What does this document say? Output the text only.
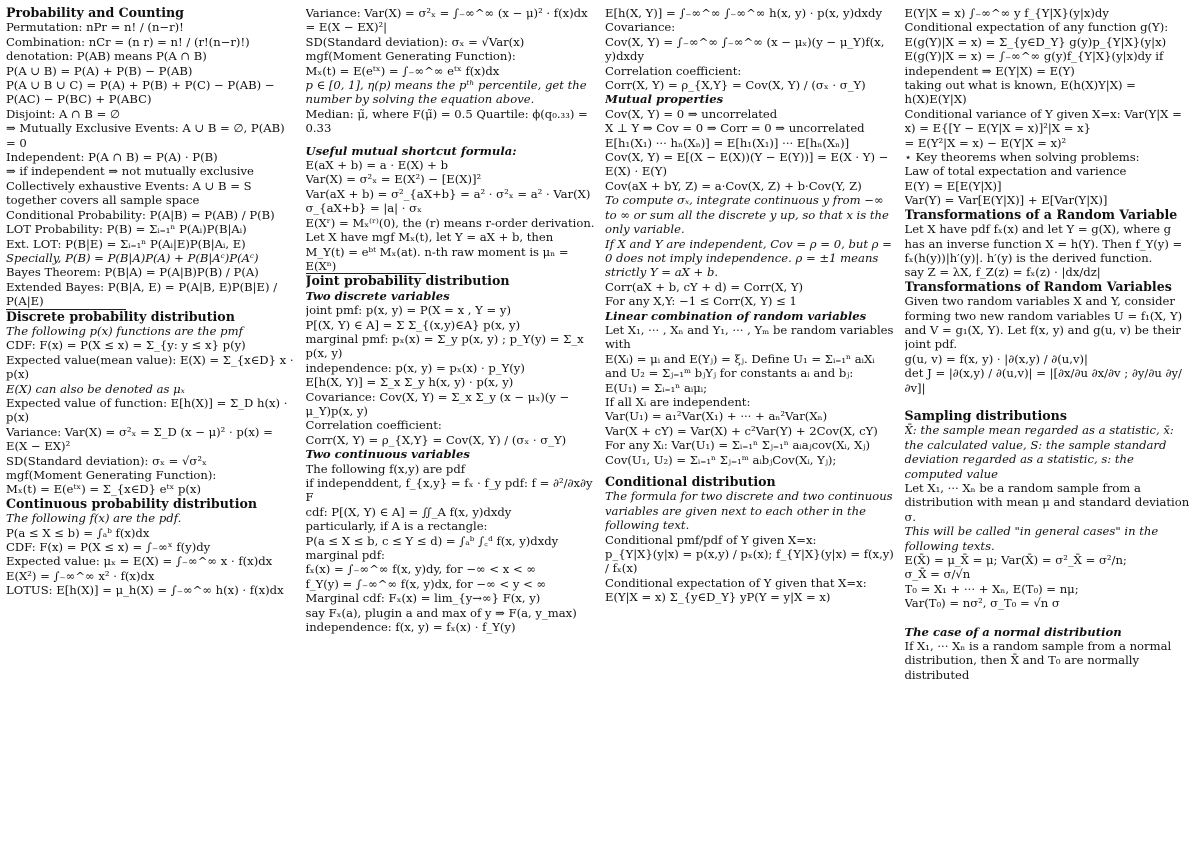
Probability and Counting
Permutation: nPr = n! / (n−r)!
Combination: nCr = (n r) = n! / (r!(n−r)!)
denotation: P(AB) means P(A ∩ B)
P(A ∪ B) = P(A) + P(B) − P(AB)
P(A ∪ B ∪ C) = P(A) + P(B) + P(C) − P(AB) − P(AC) − P(BC) + P(ABC)
Disjoint: A ∩ B = ∅
⇒ Mutually Exclusive Events: A ∪ B = ∅, P(AB) = 0
Independent: P(A ∩ B) = P(A) · P(B)
⇒ if independent ⇒ not mutually exclusive
Collectively exhaustive Events: A ∪ B = S together covers all sample space
Conditional Probability: P(A|B) = P(AB) / P(B)
LOT Probability: P(B) = Σᵢ₌₁ⁿ P(Aᵢ)P(B|Aᵢ)
Ext. LOT: P(B|E) = Σᵢ₌₁ⁿ P(Aᵢ|E)P(B|Aᵢ, E)
Specially, P(B) = P(B|A)P(A) + P(B|Aᶜ)P(Aᶜ)
Bayes Theorem: P(B|A) = P(A|B)P(B) / P(A)
Extended Bayes: P(B|A, E) = P(A|B, E)P(B|E) / P(A|E)
Discrete probability distribution
The following p(x) functions are the pmf
CDF: F(x) = P(X ≤ x) = Σ_{y: y ≤ x} p(y)
Expected value(mean value): E(X) = Σ_{x∈D} x · p(x)
E(X) can also be denoted as μₓ
Expected value of function: E[h(X)] = Σ_D h(x) · p(x)
Variance: Var(X) = σ²ₓ = Σ_D (x − μ)² · p(x) = E(X − EX)²
SD(Standard deviation): σₓ = √σ²ₓ
mgf(Moment Generating Function):
Mₓ(t) = E(eᵗˣ) = Σ_{x∈D} eᵗˣ p(x)
Continuous probability distribution
The following f(x) are the pdf.
P(a ≤ X ≤ b) = ∫ₐᵇ f(x)dx
CDF: F(x) = P(X ≤ x) = ∫₋∞ˣ f(y)dy
Expected value: μₓ = E(X) = ∫₋∞^∞ x · f(x)dx
E(X²) = ∫₋∞^∞ x² · f(x)dx
LOTUS: E[h(X)] = μ_h(X) = ∫₋∞^∞ h(x) · f(x)dx
Variance: Var(X) = σ²ₓ = ∫₋∞^∞ (x − μ)² · f(x)dx = E(X − EX)²|
SD(Standard deviation): σₓ = √Var(x)
mgf(Moment Generating Function):
Mₓ(t) = E(eᵗˣ) = ∫₋∞^∞ eᵗˣ f(x)dx
p ∈ [0, 1], η(p) means the pᵗʰ percentile, get the number by solving the equation above.
Median: μ̃, where F(μ̃) = 0.5 Quartile: ϕ(q₀.₃₃) = 0.33
Useful mutual shortcut formula:
E(aX + b) = a · E(X) + b
Var(X) = σ²ₓ = E(X²) − [E(X)]²
Var(aX + b) = σ²_{aX+b} = a² · σ²ₓ = a² · Var(X)
σ_{aX+b} = |a| · σₓ
E(Xʳ) = Mₓ⁽ʳ⁾(0), the (r) means r-order derivation.
Let X have mgf Mₓ(t), let Y = aX + b, then M_Y(t) = eᵇᵗ Mₓ(at). n-th raw moment is μₙ = E(Xⁿ)
Joint probability distribution
Two discrete variables
joint pmf: p(x, y) = P(X = x , Y = y)
P[(X, Y) ∈ A] = Σ Σ_{(x,y)∈A} p(x, y)
marginal pmf: pₓ(x) = Σ_y p(x, y) ; p_Y(y) = Σ_x p(x, y)
independence: p(x, y) = pₓ(x) · p_Y(y)
E[h(X, Y)] = Σ_x Σ_y h(x, y) · p(x, y)
Covariance: Cov(X, Y) = Σ_x Σ_y (x − μₓ)(y − μ_Y)p(x, y)
Correlation coefficient:
Corr(X, Y) = ρ_{X,Y} = Cov(X, Y) / (σₓ · σ_Y)
Two continuous variables
The following f(x,y) are pdf
if independdent, f_{x,y} = fₓ · f_y pdf: f = ∂²/∂x∂y F
cdf: P[(X, Y) ∈ A] = ∬_A f(x, y)dxdy
particularly, if A is a rectangle:
P(a ≤ X ≤ b, c ≤ Y ≤ d) = ∫ₐᵇ ∫꜀ᵈ f(x, y)dxdy
marginal pdf:
fₓ(x) = ∫₋∞^∞ f(x, y)dy, for −∞ < x < ∞
f_Y(y) = ∫₋∞^∞ f(x, y)dx, for −∞ < y < ∞
Marginal cdf: Fₓ(x) = lim_{y→∞} F(x, y)
say Fₓ(a), plugin a and max of y ⇒ F(a, y_max)
independence: f(x, y) = fₓ(x) · f_Y(y)
E[h(X, Y)] = ∫₋∞^∞ ∫₋∞^∞ h(x, y) · p(x, y)dxdy
Covariance:
Cov(X, Y) = ∫₋∞^∞ ∫₋∞^∞ (x − μₓ)(y − μ_Y)f(x, y)dxdy
Correlation coefficient:
Corr(X, Y) = ρ_{X,Y} = Cov(X, Y) / (σₓ · σ_Y)
Mutual properties
Cov(X, Y) = 0 ⇒ uncorrelated
X ⊥ Y ⇒ Cov = 0 ⇒ Corr = 0 ⇒ uncorrelated
E[h₁(X₁) ··· hₙ(Xₙ)] = E[h₁(X₁)] ··· E[hₙ(Xₙ)]
Cov(X, Y) = E[(X − E(X))(Y − E(Y))] = E(X · Y) − E(X) · E(Y)
Cov(aX + bY, Z) = a·Cov(X, Z) + b·Cov(Y, Z)
To compute σₓ, integrate continuous y from −∞ to ∞ or sum all the discrete y up, so that x is the only variable.
If X and Y are independent, Cov = ρ = 0, but ρ = 0 does not imply independence. ρ = ±1 means strictly Y = aX + b.
Corr(aX + b, cY + d) = Corr(X, Y)
For any X,Y: −1 ≤ Corr(X, Y) ≤ 1
Linear combination of random variables
Let X₁, ··· , Xₙ and Y₁, ··· , Yₘ be random variables with
E(Xᵢ) = μᵢ and E(Yⱼ) = ξⱼ. Define U₁ = Σᵢ₌₁ⁿ aᵢXᵢ and U₂ = Σⱼ₌₁ᵐ bⱼYⱼ for constants aᵢ and bⱼ:
E(U₁) = Σᵢ₌₁ⁿ aᵢμᵢ;
If all Xᵢ are independent:
Var(U₁) = a₁²Var(X₁) + ··· + aₙ²Var(Xₙ)
Var(X + cY) = Var(X) + c²Var(Y) + 2Cov(X, cY)
For any Xᵢ: Var(U₁) = Σᵢ₌₁ⁿ Σⱼ₌₁ⁿ aᵢaⱼcov(Xᵢ, Xⱼ)
Cov(U₁, U₂) = Σᵢ₌₁ⁿ Σⱼ₌₁ᵐ aᵢbⱼCov(Xᵢ, Yⱼ);
Conditional distribution
The formula for two discrete and two continuous variables are given next to each other in the following text.
Conditional pmf/pdf of Y given X=x:
p_{Y|X}(y|x) = p(x,y) / pₓ(x); f_{Y|X}(y|x) = f(x,y) / fₓ(x)
Conditional expectation of Y given that X=x:
E(Y|X = x) Σ_{y∈D_Y} yP(Y = y|X = x)
E(Y|X = x) ∫₋∞^∞ y f_{Y|X}(y|x)dy
Conditional expectation of any function g(Y):
E(g(Y)|X = x) = Σ_{y∈D_Y} g(y)p_{Y|X}(y|x)
E(g(Y)|X = x) = ∫₋∞^∞ g(y)f_{Y|X}(y|x)dy if independent ⇒ E(Y|X) = E(Y)
taking out what is known, E(h(X)Y|X) = h(X)E(Y|X)
Conditional variance of Y given X=x: Var(Y|X = x) = E{[Y − E(Y|X = x)]²|X = x}
= E(Y²|X = x) − E(Y|X = x)²
⋆ Key theorems when solving problems:
Law of total expectation and varience
E(Y) = E[E(Y|X)]
Var(Y) = Var[E(Y|X)] + E[Var(Y|X)]
Transformations of a Random Variable
Let X have pdf fₓ(x) and let Y = g(X), where g has an inverse function X = h(Y). Then f_Y(y) = fₓ(h(y))|h′(y)|. h′(y) is the derived function.
say Z = λX, f_Z(z) = fₓ(z) · |dx/dz|
Transformations of Random Variables
Given two random variables X and Y, consider forming two new random variables U = f₁(X, Y) and V = g₁(X, Y). Let f(x, y) and g(u, v) be their joint pdf.
g(u, v) = f(x, y) · |∂(x,y) / ∂(u,v)|
det J = |∂(x,y) / ∂(u,v)| = |[∂x/∂u ∂x/∂v ; ∂y/∂u ∂y/∂v]|
Sampling distributions
X̄: the sample mean regarded as a statistic, x̄: the calculated value, S: the sample standard deviation regarded as a statistic, s: the computed value
Let X₁, ··· Xₙ be a random sample from a distribution with mean μ and standard deviation σ.
This will be called "in general cases" in the following texts.
E(X̄) = μ_X̄ = μ; Var(X̄) = σ²_X̄ = σ²/n;
σ_X̄ = σ/√n
T₀ = X₁ + ··· + Xₙ, E(T₀) = nμ;
Var(T₀) = nσ², σ_T₀ = √n σ
The case of a normal distribution
If X₁, ··· Xₙ is a random sample from a normal distribution, then X̄ and T₀ are normally distributed
